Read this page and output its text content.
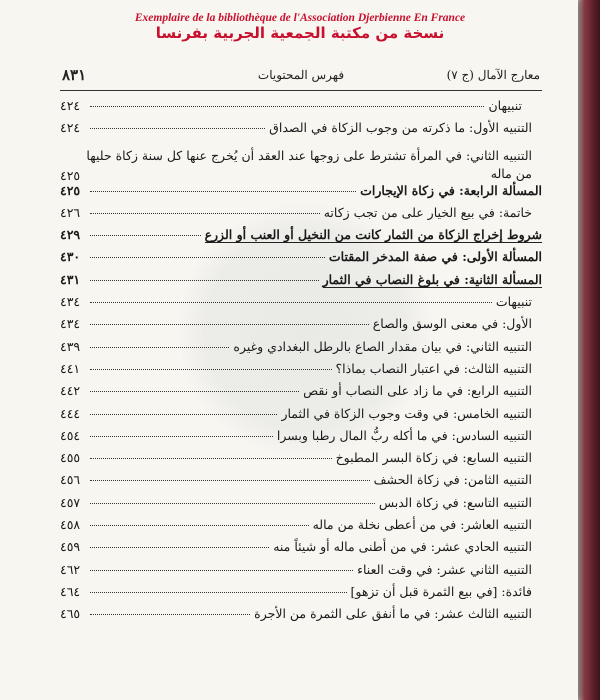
Exemplaire de la bibliothèque de l'Association Djerbienne En France
نسخة من مكتبة الجمعية الجربية بفرنسا
معارج الآمال (ج ٧)
فهرس المحتويات
٨٣١
تنبيهان
٤٢٤
التنبيه الأول: ما ذكرته من وجوب الزكاة في الصداق
٤٢٤
التنبيه الثاني: في المرأة تشترط على زوجها عند العقد أن يُخرج عنها كل سنة زكاة حليها من ماله
٤٢٥
المسألة الرابعة: في زكاة الإيجارات
٤٢٥
خاتمة: في بيع الخيار على من تجب زكاته
٤٢٦
شروط إخراج الزكاة من الثمار كانت من النخيل أو العنب أو الزرع
٤٢٩
المسألة الأولى: في صفة المدخر المقتات
٤٣٠
المسألة الثانية: في بلوغ النصاب في الثمار
٤٣١
تنبيهات
٤٣٤
الأول: في معنى الوسق والصاع
٤٣٤
التنبيه الثاني: في بيان مقدار الصاع بالرطل البغدادي وغيره
٤٣٩
التنبيه الثالث: في اعتبار النصاب بماذا؟
٤٤١
التنبيه الرابع: في ما زاد على النصاب أو نقص
٤٤٢
التنبيه الخامس: في وقت وجوب الزكاة في الثمار
٤٤٤
التنبيه السادس: في ما أكله ربُّ المال رطبا وبسرا
٤٥٤
التنبيه السابع: في زكاة البسر المطبوخ
٤٥٥
التنبيه الثامن: في زكاة الحشف
٤٥٦
التنبيه التاسع: في زكاة الدبس
٤٥٧
التنبيه العاشر: في من أعطى نخلة من ماله
٤٥٨
التنبيه الحادي عشر: في من أطنى ماله أو شيئاً منه
٤٥٩
التنبيه الثاني عشر: في وقت العناء
٤٦٢
فائدة: [في بيع الثمرة قبل أن تزهو]
٤٦٤
التنبيه الثالث عشر: في ما أنفق على الثمرة من الأجرة
٤٦٥
